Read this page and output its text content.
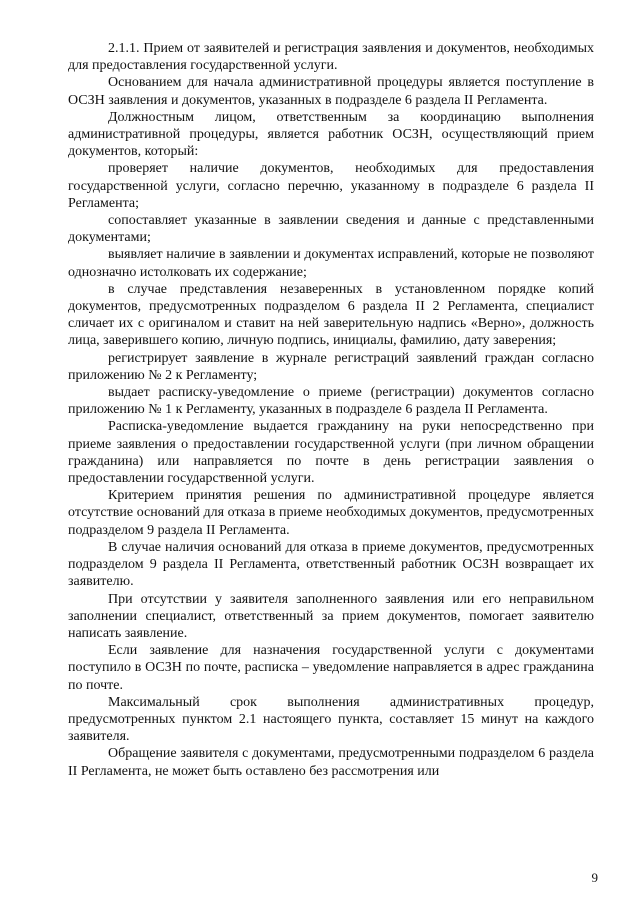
2.1.1. Прием от заявителей и регистрация заявления и документов, необходимых для предоставления государственной услуги.

Основанием для начала административной процедуры является поступление в ОСЗН заявления и документов, указанных в подразделе 6 раздела II Регламента.

Должностным лицом, ответственным за координацию выполнения административной процедуры, является работник ОСЗН, осуществляющий прием документов, который:

проверяет наличие документов, необходимых для предоставления государственной услуги, согласно перечню, указанному в подразделе 6 раздела II Регламента;

сопоставляет указанные в заявлении сведения и данные с представленными документами;

выявляет наличие в заявлении и документах исправлений, которые не позволяют однозначно истолковать их содержание;

в случае представления незаверенных в установленном порядке копий документов, предусмотренных подразделом 6 раздела II 2 Регламента, специалист сличает их с оригиналом и ставит на ней заверительную надпись «Верно», должность лица, заверившего копию, личную подпись, инициалы, фамилию, дату заверения;

регистрирует заявление в журнале регистраций заявлений граждан согласно приложению № 2 к Регламенту;

выдает расписку-уведомление о приеме (регистрации) документов согласно приложению № 1 к Регламенту, указанных в подразделе 6 раздела II Регламента.

Расписка-уведомление выдается гражданину на руки непосредственно при приеме заявления о предоставлении государственной услуги (при личном обращении гражданина) или направляется по почте в день регистрации заявления о предоставлении государственной услуги.

Критерием принятия решения по административной процедуре является отсутствие оснований для отказа в приеме необходимых документов, предусмотренных подразделом 9 раздела II Регламента.

В случае наличия оснований для отказа в приеме документов, предусмотренных подразделом 9 раздела II Регламента, ответственный работник ОСЗН возвращает их заявителю.

При отсутствии у заявителя заполненного заявления или его неправильном заполнении специалист, ответственный за прием документов, помогает заявителю написать заявление.

Если заявление для назначения государственной услуги с документами поступило в ОСЗН по почте, расписка – уведомление направляется в адрес гражданина по почте.

Максимальный срок выполнения административных процедур, предусмотренных пунктом 2.1 настоящего пункта, составляет 15 минут на каждого заявителя.

Обращение заявителя с документами, предусмотренными подразделом 6 раздела II Регламента, не может быть оставлено без рассмотрения или

9
